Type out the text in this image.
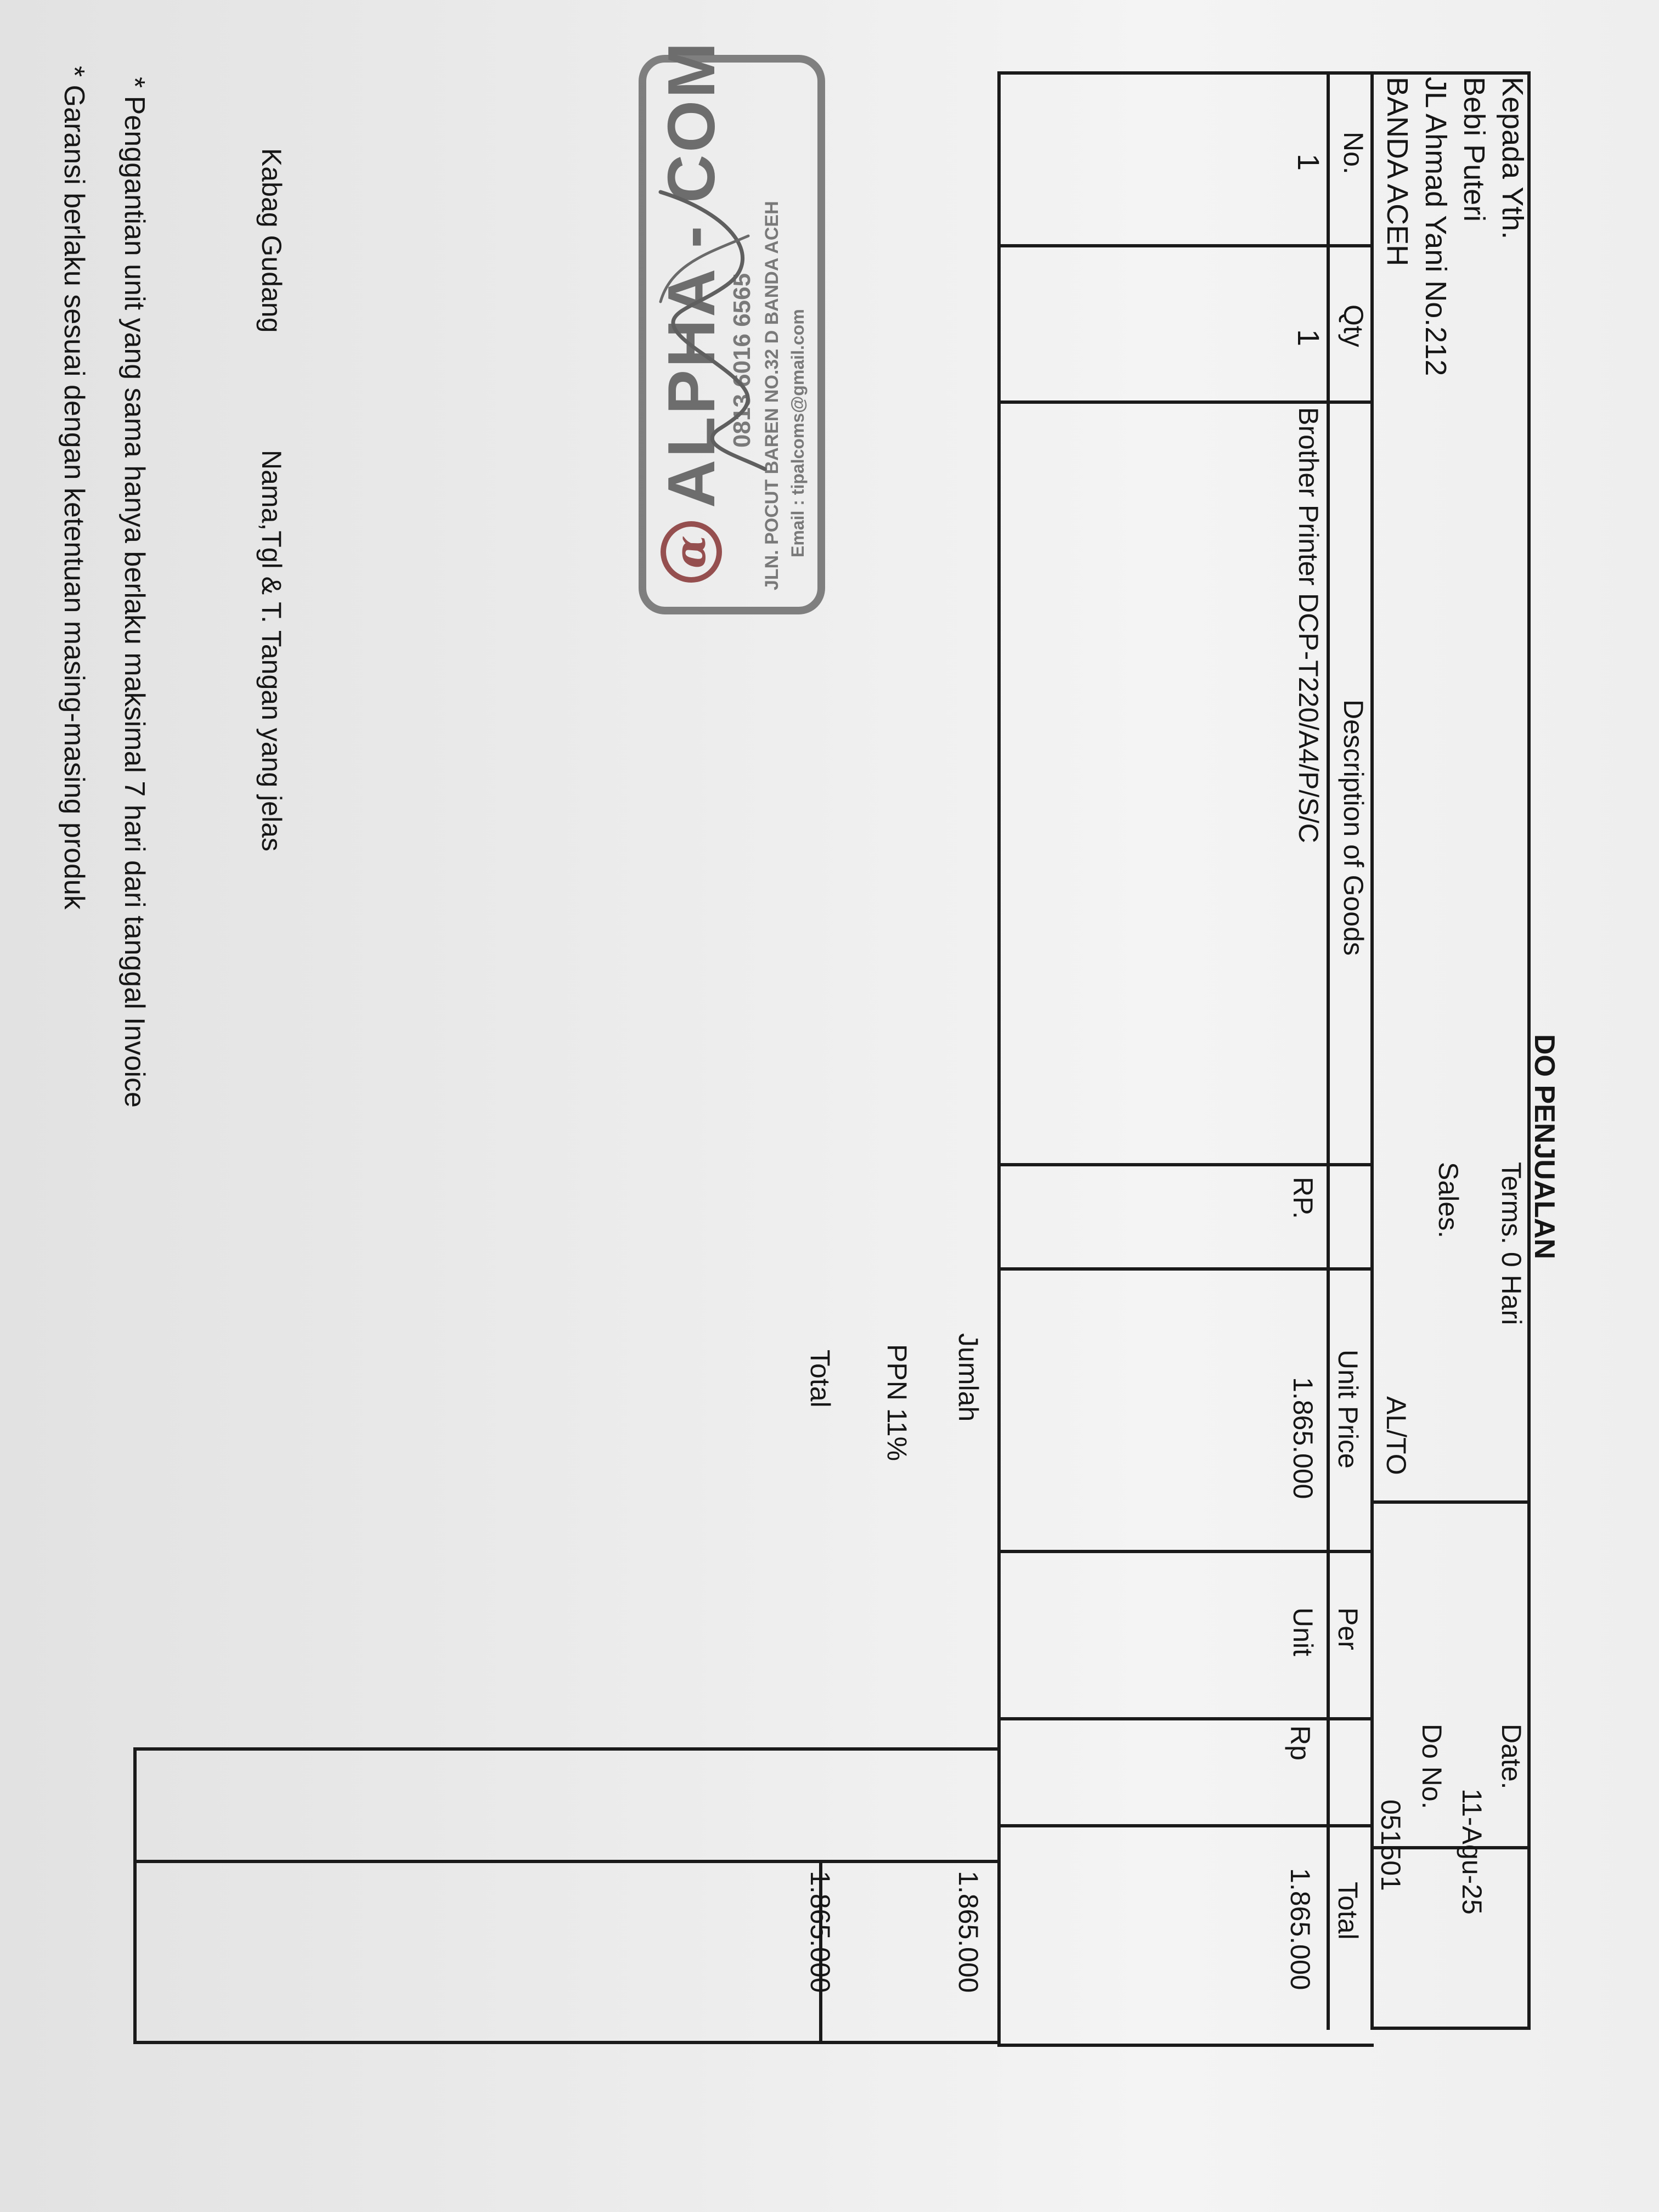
DO PENJUALAN
Kepada Yth.
Bebi Puteri
JL Ahmad Yani No.212
BANDA ACEH
Terms. 0 Hari
Sales.
AL/TO
Date.
11-Agu-25
Do No.
051501
No.
Qty
Description of Goods
Unit Price
Per
Total
1
1
Brother Printer DCP-T220/A4/P/S/C
RP.
1.865.000
Unit
Rp
1.865.000
Jumlah
PPN 11%
Total
1.865.000
1.865.000
α
ALPHA - COM 0813 6016 6565 JLN. POCUT BAREN NO.32 D BANDA ACEH Email : tipalcoms@gmail.com
Kabag Gudang
Nama,Tgl & T. Tangan yang jelas
* Penggantian unit yang sama hanya berlaku maksimal 7 hari dari tanggal Invoice
* Garansi berlaku sesuai dengan ketentuan masing-masing produk
